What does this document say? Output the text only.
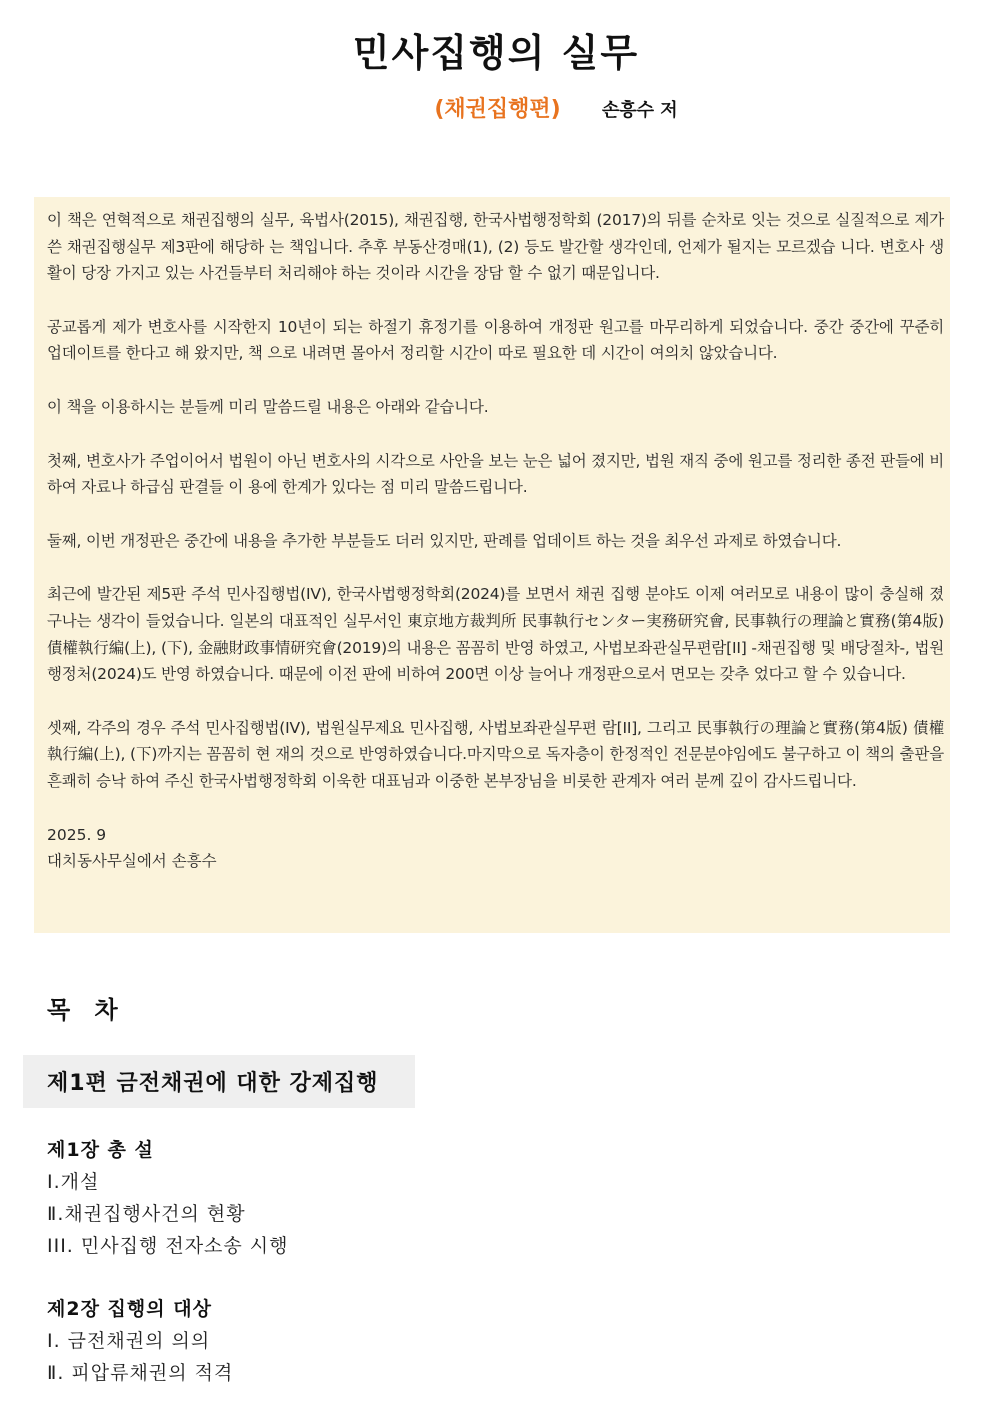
민사집행의 실무
(채권집행편) 손흥수 저

이 책은 연혁적으로 채권집행의 실무, 육법사(2015), 채권집행, 한국사법행정학회 (2017)의 뒤를 순차로 잇는 것으로 실질적으로 제가 쓴 채권집행실무 제3판에 해당하 는 책입니다. 추후 부동산경매(1), (2) 등도 발간할 생각인데, 언제가 될지는 모르겠습 니다. 변호사 생활이 당장 가지고 있는 사건들부터 처리해야 하는 것이라 시간을 장담 할 수 없기 때문입니다.

공교롭게 제가 변호사를 시작한지 10년이 되는 하절기 휴정기를 이용하여 개정판 원고를 마무리하게 되었습니다. 중간 중간에 꾸준히 업데이트를 한다고 해 왔지만, 책 으로 내려면 몰아서 정리할 시간이 따로 필요한 데 시간이 여의치 않았습니다.

이 책을 이용하시는 분들께 미리 말씀드릴 내용은 아래와 같습니다.

첫째, 변호사가 주업이어서 법원이 아닌 변호사의 시각으로 사안을 보는 눈은 넓어 졌지만, 법원 재직 중에 원고를 정리한 종전 판들에 비하여 자료나 하급심 판결들 이 용에 한계가 있다는 점 미리 말씀드립니다.

둘째, 이번 개정판은 중간에 내용을 추가한 부분들도 더러 있지만, 판례를 업데이트 하는 것을 최우선 과제로 하였습니다.

최근에 발간된 제5판 주석 민사집행법(IV), 한국사법행정학회(2024)를 보면서 채권 집행 분야도 이제 여러모로 내용이 많이 충실해 졌구나는 생각이 들었습니다. 일본의 대표적인 실무서인 東京地方裁判所 民事執行センター実務研究會, 民事執行の理論と實務(第4版) 債權執行編(上), (下), 金融財政事情研究會(2019)의 내용은 꼼꼼히 반영 하였고, 사법보좌관실무편람[II] -채권집행 및 배당절차-, 법원행정처(2024)도 반영 하였습니다. 때문에 이전 판에 비하여 200면 이상 늘어나 개정판으로서 면모는 갖추 었다고 할 수 있습니다.

셋째, 각주의 경우 주석 민사집행법(IV), 법원실무제요 민사집행, 사법보좌관실무편 람[II], 그리고 民事執行の理論と實務(第4版) 債權執行編(上), (下)까지는 꼼꼼히 현 재의 것으로 반영하였습니다.마지막으로 독자층이 한정적인 전문분야임에도 불구하고 이 책의 출판을 흔쾌히 승낙 하여 주신 한국사법행정학회 이욱한 대표님과 이중한 본부장님을 비롯한 관계자 여러 분께 깊이 감사드립니다.

2025. 9
대치동사무실에서 손흥수
목 차
제1편 금전채권에 대한 강제집행
제1장 총 설
Ⅰ.개설
Ⅱ.채권집행사건의 현황
III. 민사집행 전자소송 시행
제2장 집행의 대상
Ⅰ. 금전채권의 의의
Ⅱ. 피압류채권의 적격
